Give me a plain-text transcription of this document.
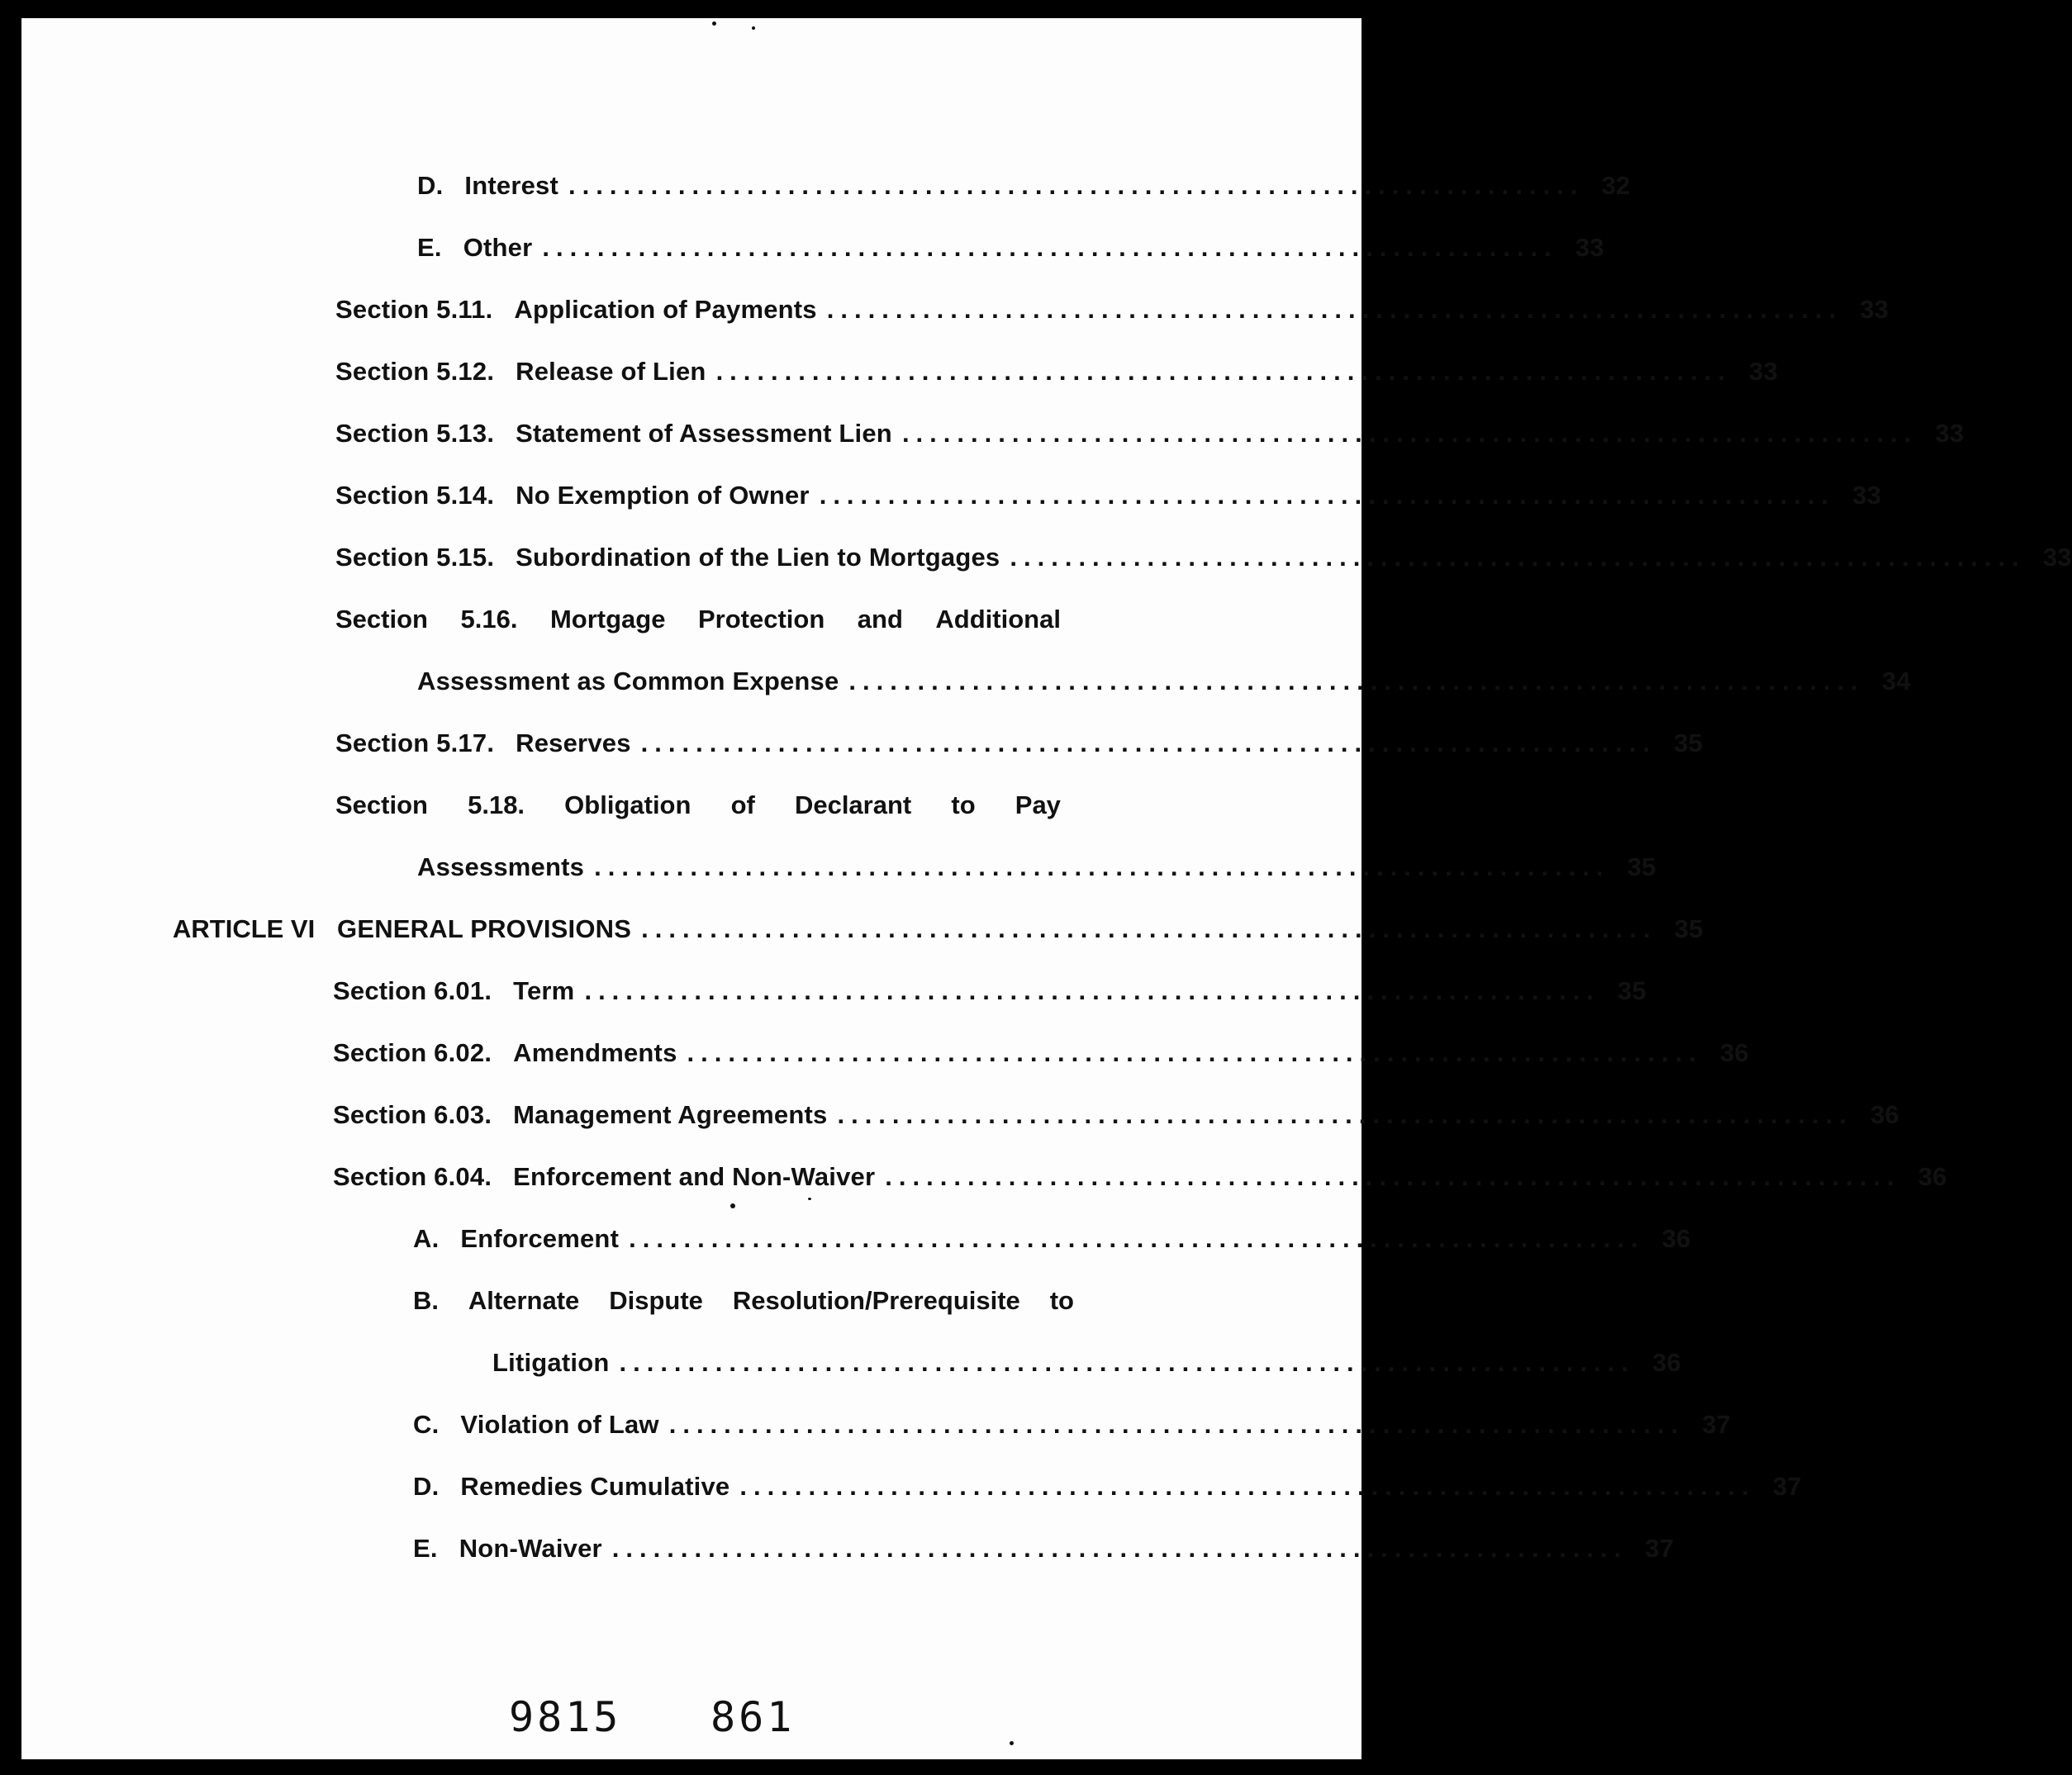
D. Interest .......................................................................... 32
E. Other .......................................................................... 33
Section 5.11. Application of Payments .......................................................................... 33
Section 5.12. Release of Lien .......................................................................... 33
Section 5.13. Statement of Assessment Lien .......................................................................... 33
Section 5.14. No Exemption of Owner .......................................................................... 33
Section 5.15. Subordination of the Lien to Mortgages .......................................................................... 33
Section 5.16. Mortgage Protection and Additional
Assessment as Common Expense .......................................................................... 34
Section 5.17. Reserves .......................................................................... 35
Section 5.18. Obligation of Declarant to Pay
Assessments .......................................................................... 35
ARTICLE VI GENERAL PROVISIONS .......................................................................... 35
Section 6.01. Term .......................................................................... 35
Section 6.02. Amendments .......................................................................... 36
Section 6.03. Management Agreements .......................................................................... 36
Section 6.04. Enforcement and Non-Waiver .......................................................................... 36
A. Enforcement .......................................................................... 36
B. Alternate Dispute Resolution/Prerequisite to
Litigation .......................................................................... 36
C. Violation of Law .......................................................................... 37
D. Remedies Cumulative .......................................................................... 37
E. Non-Waiver .......................................................................... 37
9815 861
